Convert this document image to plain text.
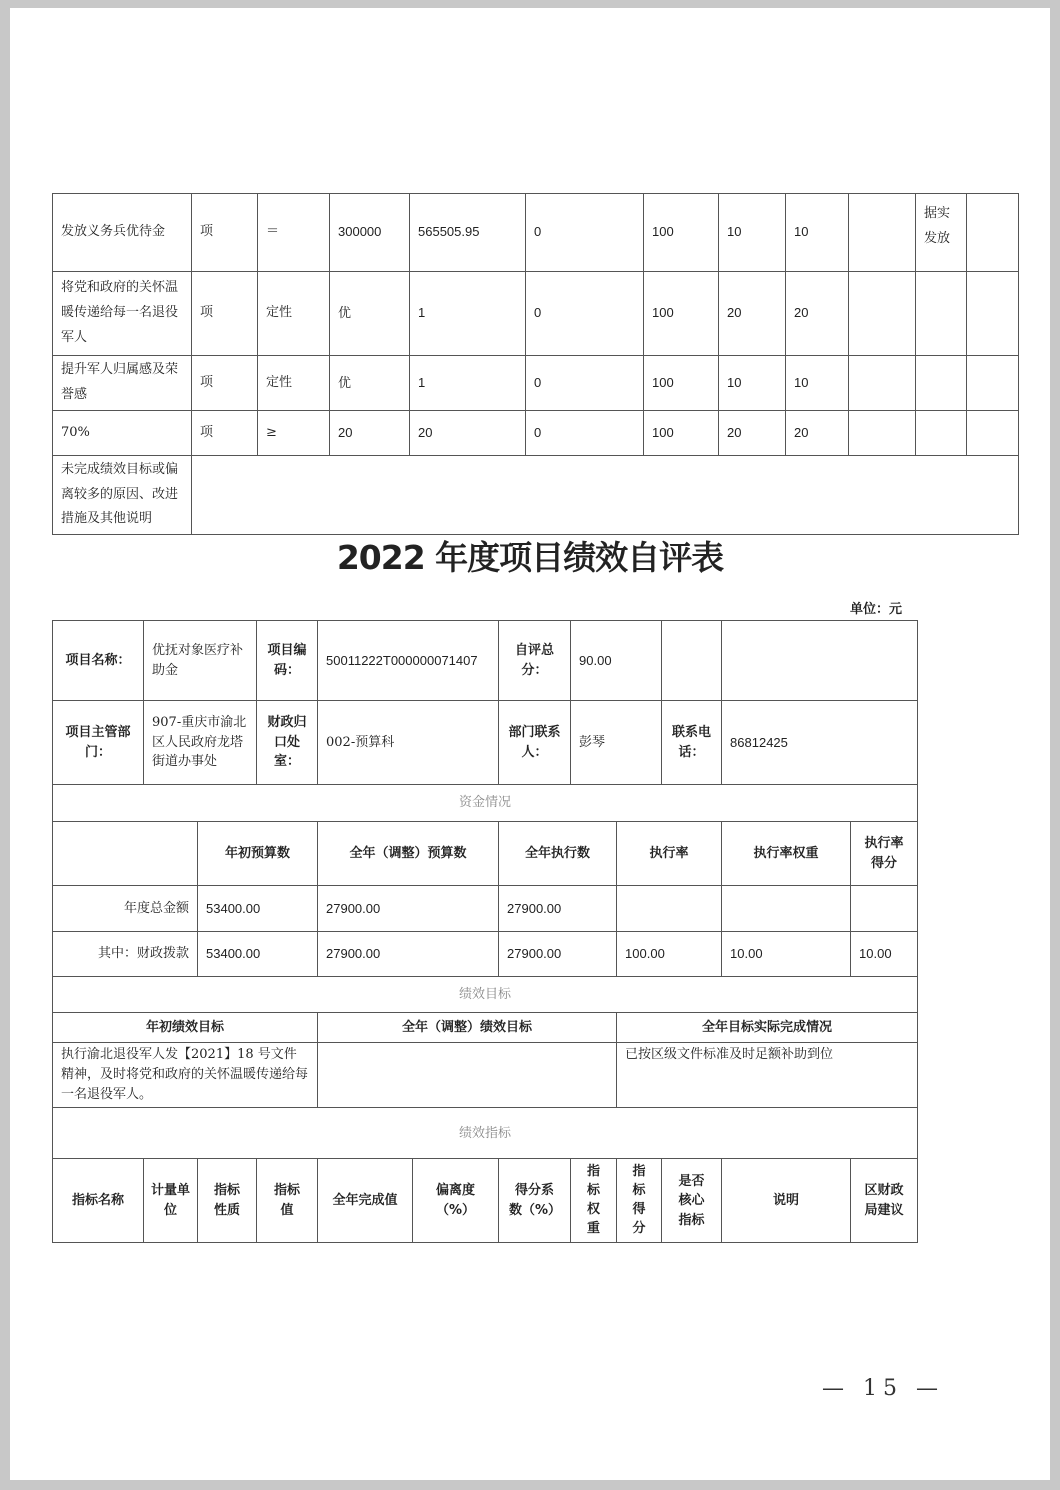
发放义务兵优待金	项	＝	300000	565505.95	0	100	10	10		据实发放	
将党和政府的关怀温暖传递给每一名退役军人	项	定性	优	1	0	100	20	20			
提升军人归属感及荣誉感	项	定性	优	1	0	100	10	10			
70%	项	≥	20	20	0	100	20	20			
未完成绩效目标或偏离较多的原因、改进措施及其他说明											
2022 年度项目绩效自评表
单位：元
项目名称：	优抚对象医疗补助金		项目编码：	50011222T000000071407		自评总分：	90.00				
项目主管部门：	907-重庆市渝北区人民政府龙塔街道办事处		财政归口处室：	002-预算科		部门联系人：	彭琴		联系电话：	86812425	
资金情况											
		年初预算数		全年（调整）预算数		全年执行数		执行率		执行率权重	执行率得分
年度总金额		53400.00		27900.00		27900.00					
其中：财政拨款		53400.00		27900.00		27900.00		100.00		10.00	10.00
绩效目标											
年初绩效目标				全年（调整）绩效目标				全年目标实际完成情况			
执行渝北退役军人发【2021】18 号文件精神，及时将党和政府的关怀温暖传递给每一名退役军人。								已按区级文件标准及时足额补助到位			
绩效指标											
指标名称	计量单位	指标性质	指标值	全年完成值	偏离度（%）	得分系数（%）	指标权重	指标得分	是否核心指标	说明	区财政局建议
— 15 —
